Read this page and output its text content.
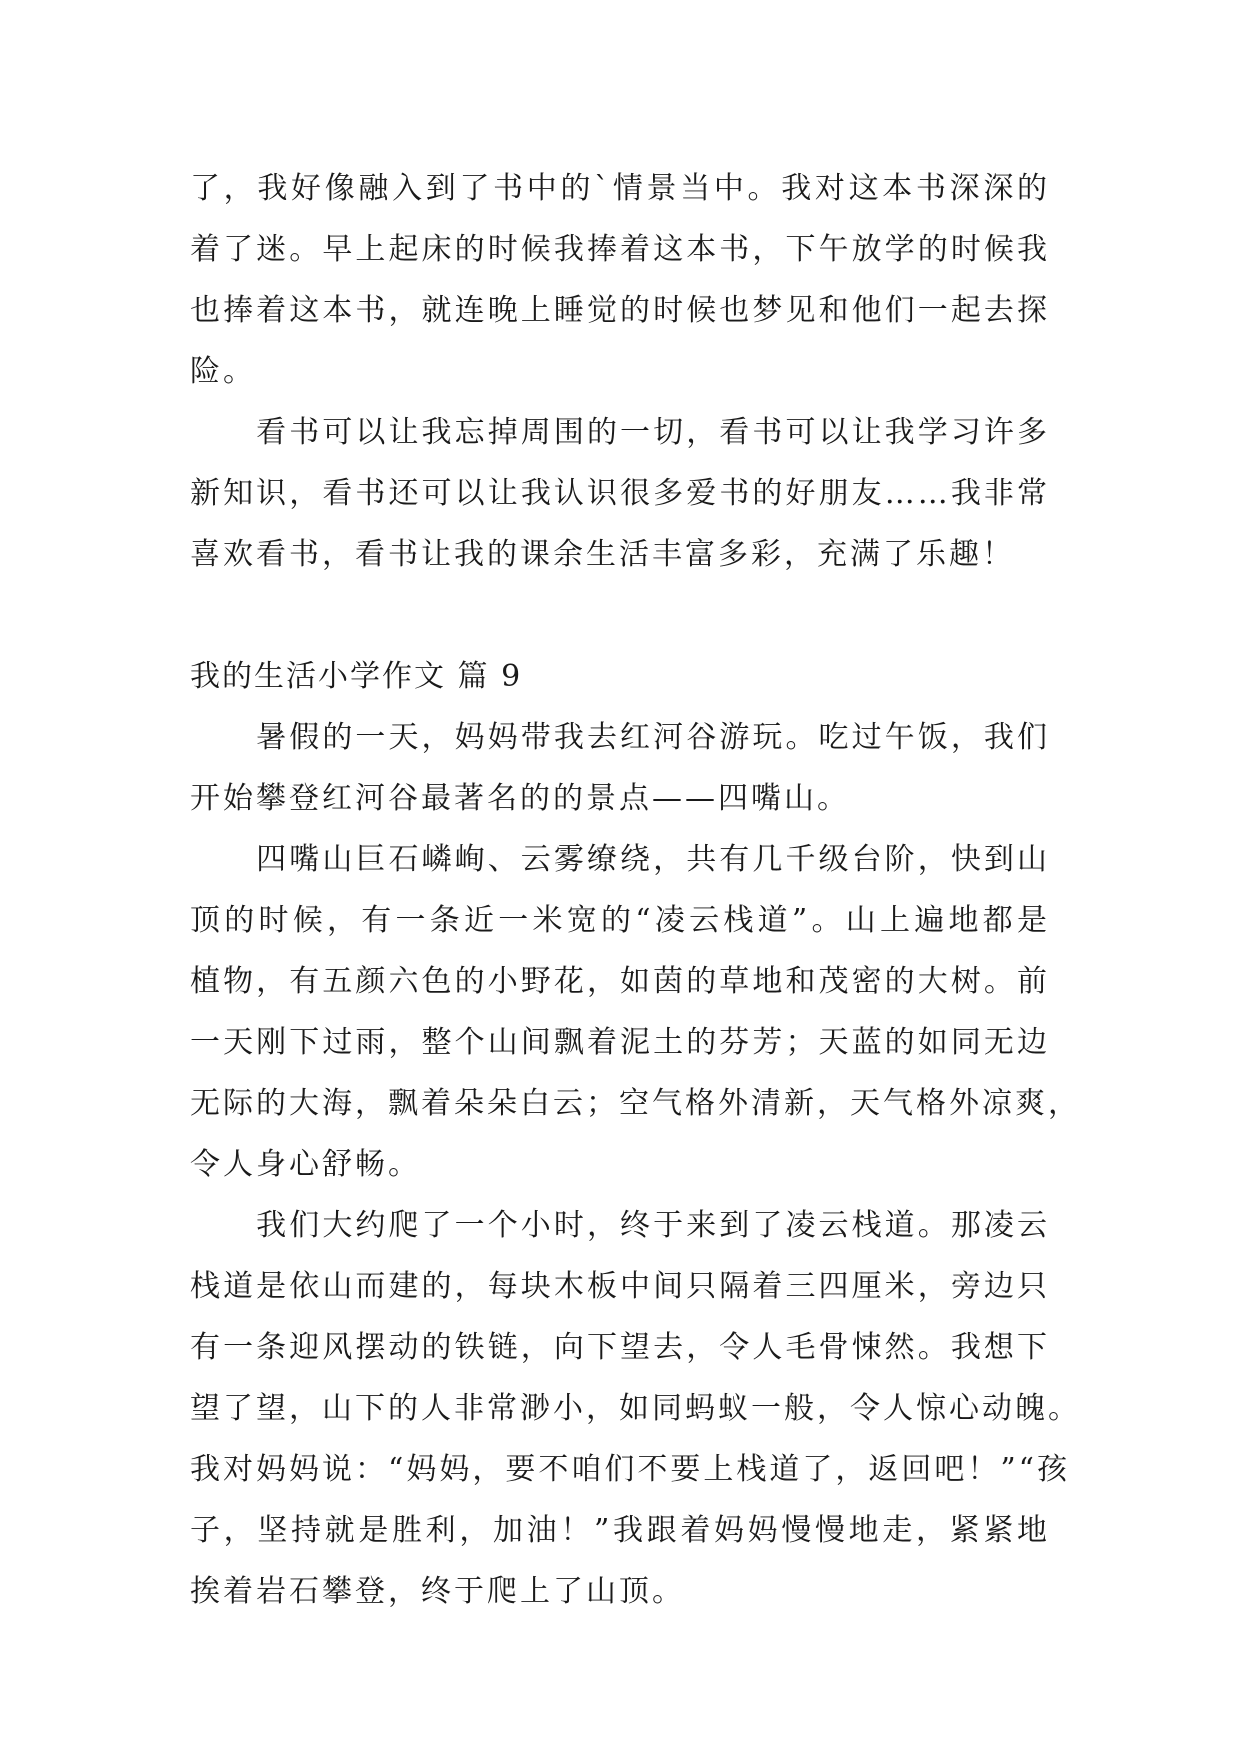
了，我好像融入到了书中的`情景当中。我对这本书深深的
着了迷。早上起床的时候我捧着这本书，下午放学的时候我
也捧着这本书，就连晚上睡觉的时候也梦见和他们一起去探
险。
　　看书可以让我忘掉周围的一切，看书可以让我学习许多
新知识，看书还可以让我认识很多爱书的好朋友……我非常
喜欢看书，看书让我的课余生活丰富多彩，充满了乐趣！
我的生活小学作文 篇 9
　　暑假的一天，妈妈带我去红河谷游玩。吃过午饭，我们
开始攀登红河谷最著名的的景点——四嘴山。
　　四嘴山巨石嶙峋、云雾缭绕，共有几千级台阶，快到山
顶的时候，有一条近一米宽的“凌云栈道”。山上遍地都是
植物，有五颜六色的小野花，如茵的草地和茂密的大树。前
一天刚下过雨，整个山间飘着泥土的芬芳；天蓝的如同无边
无际的大海，飘着朵朵白云；空气格外清新，天气格外凉爽，
令人身心舒畅。
　　我们大约爬了一个小时，终于来到了凌云栈道。那凌云
栈道是依山而建的，每块木板中间只隔着三四厘米，旁边只
有一条迎风摆动的铁链，向下望去，令人毛骨悚然。我想下
望了望，山下的人非常渺小，如同蚂蚁一般，令人惊心动魄。
我对妈妈说：“妈妈，要不咱们不要上栈道了，返回吧！”“孩
子，坚持就是胜利，加油！”我跟着妈妈慢慢地走，紧紧地
挨着岩石攀登，终于爬上了山顶。
